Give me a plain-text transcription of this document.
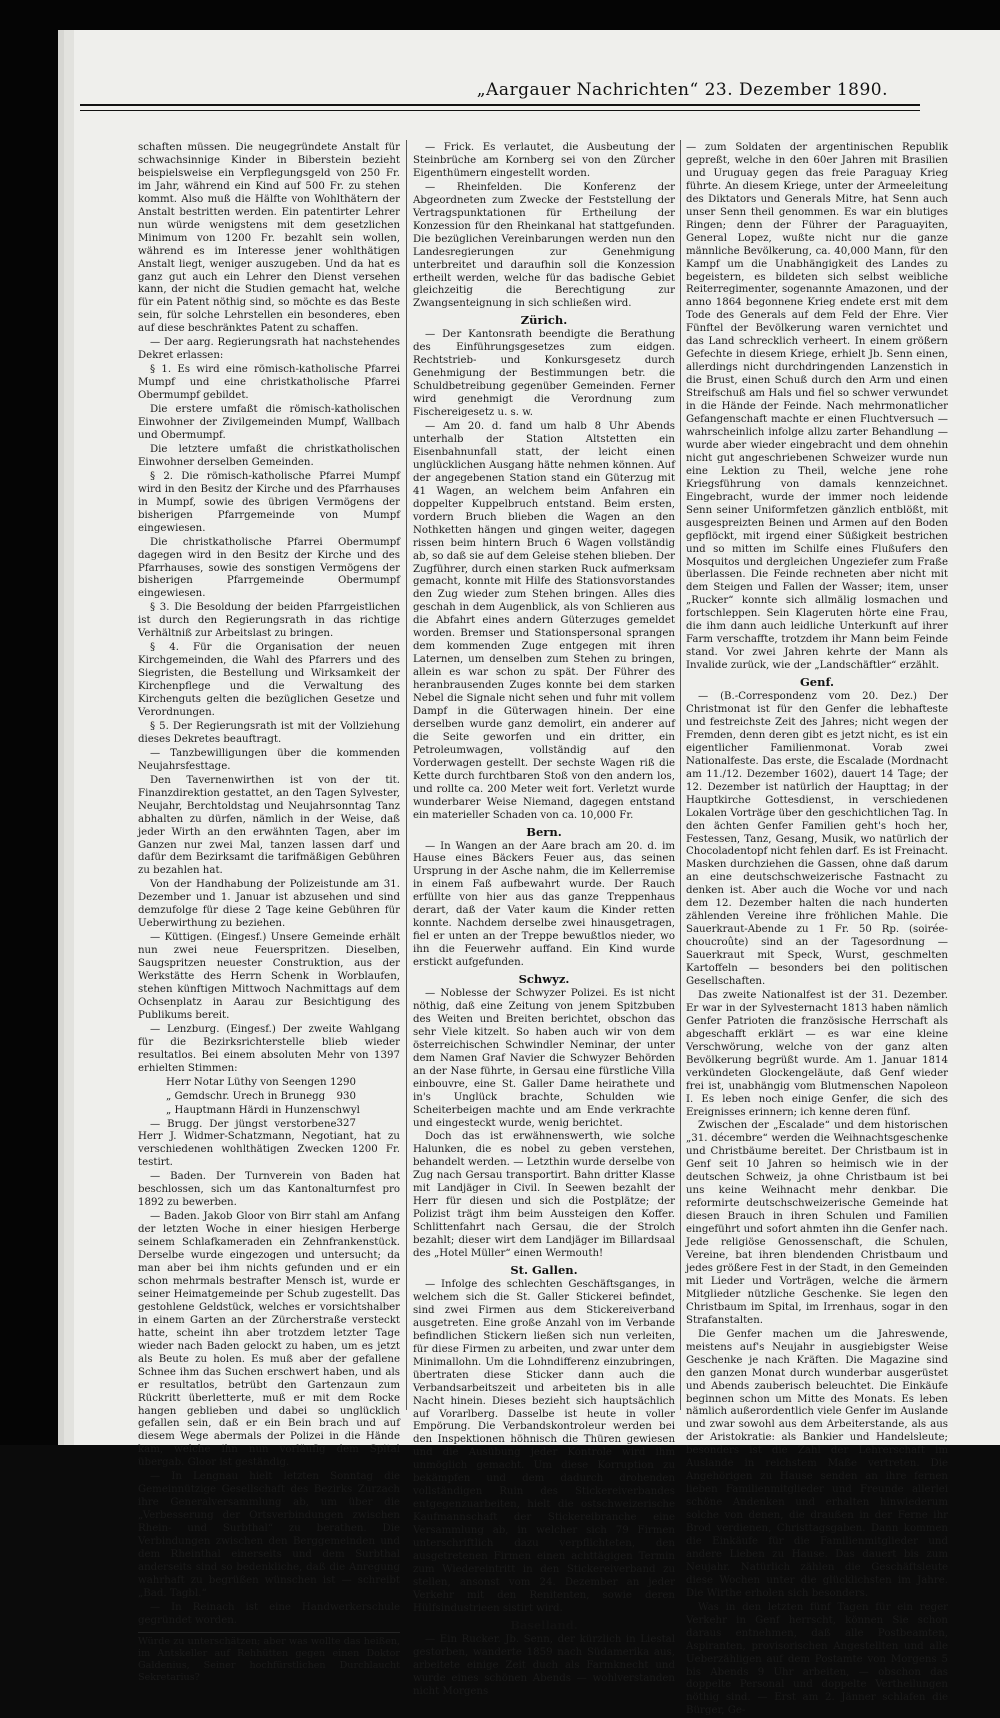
„Aargauer Nachrichten“ 23. Dezember 1890.

schaften müssen. Die neugegründete Anstalt für schwachsinnige Kinder in Biberstein bezieht beispielsweise ein Verpflegungsgeld von 250 Fr. im Jahr, während ein Kind auf 500 Fr. zu stehen kommt. Also muß die Hälfte von Wohlthätern der Anstalt bestritten werden. Ein patentirter Lehrer nun würde wenigstens mit dem gesetzlichen Minimum von 1200 Fr. bezahlt sein wollen, während es im Interesse jener wohlthätigen Anstalt liegt, weniger auszugeben. Und da hat es ganz gut auch ein Lehrer den Dienst versehen kann, der nicht die Studien gemacht hat, welche für ein Patent nöthig sind, so möchte es das Beste sein, für solche Lehrstellen ein besonderes, eben auf diese beschränktes Patent zu schaffen.

— Der aarg. Regierungsrath hat nachstehendes Dekret erlassen:

§ 1. Es wird eine römisch-katholische Pfarrei Mumpf und eine christkatholische Pfarrei Obermumpf gebildet.

Die erstere umfaßt die römisch-katholischen Einwohner der Zivilgemeinden Mumpf, Wallbach und Obermumpf.

Die letztere umfaßt die christkatholischen Einwohner derselben Gemeinden.

§ 2. Die römisch-katholische Pfarrei Mumpf wird in den Besitz der Kirche und des Pfarrhauses in Mumpf, sowie des übrigen Vermögens der bisherigen Pfarrgemeinde von Mumpf eingewiesen.

Die christkatholische Pfarrei Obermumpf dagegen wird in den Besitz der Kirche und des Pfarrhauses, sowie des sonstigen Vermögens der bisherigen Pfarrgemeinde Obermumpf eingewiesen.

§ 3. Die Besoldung der beiden Pfarrgeistlichen ist durch den Regierungsrath in das richtige Verhältniß zur Arbeitslast zu bringen.

§ 4. Für die Organisation der neuen Kirchgemeinden, die Wahl des Pfarrers und des Siegristen, die Bestellung und Wirksamkeit der Kirchenpflege und die Verwaltung des Kirchenguts gelten die bezüglichen Gesetze und Verordnungen.

§ 5. Der Regierungsrath ist mit der Vollziehung dieses Dekretes beauftragt.

— Tanzbewilligungen über die kommenden Neujahrsfesttage.

Den Tavernenwirthen ist von der tit. Finanzdirektion gestattet, an den Tagen Sylvester, Neujahr, Berchtoldstag und Neujahrsonntag Tanz abhalten zu dürfen, nämlich in der Weise, daß jeder Wirth an den erwähnten Tagen, aber im Ganzen nur zwei Mal, tanzen lassen darf und dafür dem Bezirksamt die tarifmäßigen Gebühren zu bezahlen hat.

Von der Handhabung der Polizeistunde am 31. Dezember und 1. Januar ist abzusehen und sind demzufolge für diese 2 Tage keine Gebühren für Ueberwirthung zu beziehen.

— Küttigen. (Eingesf.) Unsere Gemeinde erhält nun zwei neue Feuerspritzen. Dieselben, Saugspritzen neuester Construktion, aus der Werkstätte des Herrn Schenk in Worblaufen, stehen künftigen Mittwoch Nachmittags auf dem Ochsenplatz in Aarau zur Besichtigung des Publikums bereit.

— Lenzburg. (Eingesf.) Der zweite Wahlgang für die Bezirksrichterstelle blieb wieder resultatlos. Bei einem absoluten Mehr von 1397 erhielten Stimmen:

Herr Notar Lüthy von Seengen 1290

„ Gemdschr. Urech in Brunegg 930

„ Hauptmann Härdi in Hunzenschwyl
327

— Brugg. Der jüngst verstorbene Herr J. Widmer-Schatzmann, Negotiant, hat zu verschiedenen wohlthätigen Zwecken 1200 Fr. testirt.

— Baden. Der Turnverein von Baden hat beschlossen, sich um das Kantonalturnfest pro 1892 zu bewerben.

— Baden. Jakob Gloor von Birr stahl am Anfang der letzten Woche in einer hiesigen Herberge seinem Schlafkameraden ein Zehnfrankenstück. Derselbe wurde eingezogen und untersucht; da man aber bei ihm nichts gefunden und er ein schon mehrmals bestrafter Mensch ist, wurde er seiner Heimatgemeinde per Schub zugestellt. Das gestohlene Geldstück, welches er vorsichtshalber in einem Garten an der Zürcherstraße versteckt hatte, scheint ihn aber trotzdem letzter Tage wieder nach Baden gelockt zu haben, um es jetzt als Beute zu holen. Es muß aber der gefallene Schnee ihm das Suchen erschwert haben, und als er resultatlos, betrübt den Gartenzaun zum Rückritt überletterte, muß er mit dem Rocke hangen geblieben und dabei so unglücklich gefallen sein, daß er ein Bein brach und auf diesem Wege abermals der Polizei in die Hände kam, welche ihn nun vorläufig dem Spital übergab. Gloor ist geständig.

— In Lengnau hielt letzten Sonntag die Gemeinnützige Gesellschaft des Bezirks Zurzach ihre Generalversammlung ab, um über die „Verbesserung der Ortsverbindungen zwischen Rhein- und Surbthal“ zu berathen. Die Verbindungen zwischen den Berggemeinden und dem Rheinthal einerseits und dem Surbthal anderseits sind so bedenkliche, daß die Anregung wahrhaft zu begrüßen wünschen ist — schreibt „Bad. Tagbl.“

— In Reinach ist eine Handwerkerschule gegründet worden.

Würde zu unterschätzen; aber was wollte das heißen, im Antskeller auf Rehhütten gegen einen Doktor Galdenius, Seiner hochfürstlichen Durchlaucht Sekretarius?

— Frick. Es verlautet, die Ausbeutung der Steinbrüche am Kornberg sei von den Zürcher Eigenthümern eingestellt worden.

— Rheinfelden. Die Konferenz der Abgeordneten zum Zwecke der Feststellung der Vertragspunktationen für Ertheilung der Konzession für den Rheinkanal hat stattgefunden. Die bezüglichen Vereinbarungen werden nun den Landesregierungen zur Genehmigung unterbreitet und daraufhin soll die Konzession ertheilt werden, welche für das badische Gebiet gleichzeitig die Berechtigung zur Zwangsenteignung in sich schließen wird.

Zürich.

— Der Kantonsrath beendigte die Berathung des Einführungsgesetzes zum eidgen. Rechtstrieb- und Konkursgesetz durch Genehmigung der Bestimmungen betr. die Schuldbetreibung gegenüber Gemeinden. Ferner wird genehmigt die Verordnung zum Fischereigesetz u. s. w.

— Am 20. d. fand um halb 8 Uhr Abends unterhalb der Station Altstetten ein Eisenbahnunfall statt, der leicht einen unglücklichen Ausgang hätte nehmen können. Auf der angegebenen Station stand ein Güterzug mit 41 Wagen, an welchem beim Anfahren ein doppelter Kuppelbruch entstand. Beim ersten, vordern Bruch blieben die Wagen an den Nothketten hängen und gingen weiter, dagegen rissen beim hintern Bruch 6 Wagen vollständig ab, so daß sie auf dem Geleise stehen blieben. Der Zugführer, durch einen starken Ruck aufmerksam gemacht, konnte mit Hilfe des Stationsvorstandes den Zug wieder zum Stehen bringen. Alles dies geschah in dem Augenblick, als von Schlieren aus die Abfahrt eines andern Güterzuges gemeldet worden. Bremser und Stationspersonal sprangen dem kommenden Zuge entgegen mit ihren Laternen, um denselben zum Stehen zu bringen, allein es war schon zu spät. Der Führer des heranbrausenden Zuges konnte bei dem starken Nebel die Signale nicht sehen und fuhr mit vollem Dampf in die Güterwagen hinein. Der eine derselben wurde ganz demolirt, ein anderer auf die Seite geworfen und ein dritter, ein Petroleumwagen, vollständig auf den Vorderwagen gestellt. Der sechste Wagen riß die Kette durch furchtbaren Stoß von den andern los, und rollte ca. 200 Meter weit fort. Verletzt wurde wunderbarer Weise Niemand, dagegen entstand ein materieller Schaden von ca. 10,000 Fr.

Bern.

— In Wangen an der Aare brach am 20. d. im Hause eines Bäckers Feuer aus, das seinen Ursprung in der Asche nahm, die im Kellerremise in einem Faß aufbewahrt wurde. Der Rauch erfüllte von hier aus das ganze Treppenhaus derart, daß der Vater kaum die Kinder retten konnte. Nachdem derselbe zwei hinausgetragen, fiel er unten an der Treppe bewußtlos nieder, wo ihn die Feuerwehr auffand. Ein Kind wurde erstickt aufgefunden.

Schwyz.

— Noblesse der Schwyzer Polizei. Es ist nicht nöthig, daß eine Zeitung von jenem Spitzbuben des Weiten und Breiten berichtet, obschon das sehr Viele kitzelt. So haben auch wir von dem österreichischen Schwindler Neminar, der unter dem Namen Graf Navier die Schwyzer Behörden an der Nase führte, in Gersau eine fürstliche Villa einbouvre, eine St. Galler Dame heirathete und in's Unglück brachte, Schulden wie Scheiterbeigen machte und am Ende verkrachte und eingesteckt wurde, wenig berichtet.

Doch das ist erwähnenswerth, wie solche Halunken, die es nobel zu geben verstehen, behandelt werden. — Letzthin wurde derselbe von Zug nach Gersau transportirt. Bahn dritter Klasse mit Landjäger in Civil. In Seewen bezahlt der Herr für diesen und sich die Postplätze; der Polizist trägt ihm beim Aussteigen den Koffer. Schlittenfahrt nach Gersau, die der Strolch bezahlt; dieser wirt dem Landjäger im Billardsaal des „Hotel Müller“ einen Wermouth!

St. Gallen.

— Infolge des schlechten Geschäftsganges, in welchem sich die St. Galler Stickerei befindet, sind zwei Firmen aus dem Stickereiverband ausgetreten. Eine große Anzahl von im Verbande befindlichen Stickern ließen sich nun verleiten, für diese Firmen zu arbeiten, und zwar unter dem Minimallohn. Um die Lohndifferenz einzubringen, übertraten diese Sticker dann auch die Verbandsarbeitszeit und arbeiteten bis in alle Nacht hinein. Dieses bezieht sich hauptsächlich auf Vorarlberg. Dasselbe ist heute in voller Empörung. Die Verbandskontroleur werden bei den Inspektionen höhnisch die Thüren gewiesen und die Ausübung jeder Kontrole wird ihm unmöglich gemacht. Um diese Korruption zu bekämpfen und dem dadurch drohenden vollständigen Ruin des Stickereiverbandes entgegenzuarbeiten, hielt die ostschweizerische Kaufmannschaft der Stickereibranche eine Versammlung ab, in welcher sich 79 Firmen unterschriftlich dazu verpflichteten, den ausgetretenen Firmen einen achttägigen Termin zum Wiedereintritt in den Stickereiverband zu stellen, ansonst vom 24. Dezember an jeder Verkehr mit den Renitenten, sowie deren Hülfsindustrieen sistirt wird.

Baselland.

— Ein Rucker. Jb. Senn, der kürzlich in Liestal gestorben, wanderte 1859 nach Südamerika aus, arbeitete einige Zeit duch als Farmknecht und wurde eines schönen Abends — wohlverstanden nicht Morgens

— zum Soldaten der argentinischen Republik gepreßt, welche in den 60er Jahren mit Brasilien und Uruguay gegen das freie Paraguay Krieg führte. An diesem Kriege, unter der Armeeleitung des Diktators und Generals Mitre, hat Senn auch unser Senn theil genommen. Es war ein blutiges Ringen; denn der Führer der Paraguayiten, General Lopez, wußte nicht nur die ganze männliche Bevölkerung, ca. 40,000 Mann, für den Kampf um die Unabhängigkeit des Landes zu begeistern, es bildeten sich selbst weibliche Reiterregimenter, sogenannte Amazonen, und der anno 1864 begonnene Krieg endete erst mit dem Tode des Generals auf dem Feld der Ehre. Vier Fünftel der Bevölkerung waren vernichtet und das Land schrecklich verheert. In einem größern Gefechte in diesem Kriege, erhielt Jb. Senn einen, allerdings nicht durchdringenden Lanzenstich in die Brust, einen Schuß durch den Arm und einen Streifschuß am Hals und fiel so schwer verwundet in die Hände der Feinde. Nach mehrmonatlicher Gefangenschaft machte er einen Fluchtversuch — wahrscheinlich infolge allzu zarter Behandlung — wurde aber wieder eingebracht und dem ohnehin nicht gut angeschriebenen Schweizer wurde nun eine Lektion zu Theil, welche jene rohe Kriegsführung von damals kennzeichnet. Eingebracht, wurde der immer noch leidende Senn seiner Uniformfetzen gänzlich entblößt, mit ausgespreizten Beinen und Armen auf den Boden gepflöckt, mit irgend einer Süßigkeit bestrichen und so mitten im Schilfe eines Flußufers den Mosquitos und dergleichen Ungeziefer zum Fraße überlassen. Die Feinde rechneten aber nicht mit dem Steigen und Fallen der Wasser; item, unser „Rucker“ konnte sich allmälig losmachen und fortschleppen. Sein Klageruten hörte eine Frau, die ihm dann auch leidliche Unterkunft auf ihrer Farm verschaffte, trotzdem ihr Mann beim Feinde stand. Vor zwei Jahren kehrte der Mann als Invalide zurück, wie der „Landschäftler“ erzählt.

Genf.

— (B.-Correspondenz vom 20. Dez.) Der Christmonat ist für den Genfer die lebhafteste und festreichste Zeit des Jahres; nicht wegen der Fremden, denn deren gibt es jetzt nicht, es ist ein eigentlicher Familienmonat. Vorab zwei Nationalfeste. Das erste, die Escalade (Mordnacht am 11./12. Dezember 1602), dauert 14 Tage; der 12. Dezember ist natürlich der Haupttag; in der Hauptkirche Gottesdienst, in verschiedenen Lokalen Vorträge über den geschichtlichen Tag. In den ächten Genfer Familien geht's hoch her, Festessen, Tanz, Gesang, Musik, wo natürlich der Chocoladentopf nicht fehlen darf. Es ist Freinacht. Masken durchziehen die Gassen, ohne daß darum an eine deutschschweizerische Fastnacht zu denken ist. Aber auch die Woche vor und nach dem 12. Dezember halten die nach hunderten zählenden Vereine ihre fröhlichen Mahle. Die Sauerkraut-Abende zu 1 Fr. 50 Rp. (soirée-choucroûte) sind an der Tagesordnung — Sauerkraut mit Speck, Wurst, geschmelten Kartoffeln — besonders bei den politischen Gesellschaften.

Das zweite Nationalfest ist der 31. Dezember. Er war in der Sylvesternacht 1813 haben nämlich Genfer Patrioten die französische Herrschaft als abgeschafft erklärt — es war eine kleine Verschwörung, welche von der ganz alten Bevölkerung begrüßt wurde. Am 1. Januar 1814 verkündeten Glockengeläute, daß Genf wieder frei ist, unabhängig vom Blutmenschen Napoleon I. Es leben noch einige Genfer, die sich des Ereignisses erinnern; ich kenne deren fünf.

Zwischen der „Escalade“ und dem historischen „31. décembre“ werden die Weihnachtsgeschenke und Christbäume bereitet. Der Christbaum ist in Genf seit 10 Jahren so heimisch wie in der deutschen Schweiz, ja ohne Christbaum ist bei uns keine Weihnacht mehr denkbar. Die reformirte deutschschweizerische Gemeinde hat diesen Brauch in ihren Schulen und Familien eingeführt und sofort ahmten ihn die Genfer nach. Jede religiöse Genossenschaft, die Schulen, Vereine, bat ihren blendenden Christbaum und jedes größere Fest in der Stadt, in den Gemeinden mit Lieder und Vorträgen, welche die ärmern Mitglieder nützliche Geschenke. Sie legen den Christbaum im Spital, im Irrenhaus, sogar in den Strafanstalten.

Die Genfer machen um die Jahreswende, meistens auf's Neujahr in ausgiebigster Weise Geschenke je nach Kräften. Die Magazine sind den ganzen Monat durch wunderbar ausgerüstet und Abends zauberisch beleuchtet. Die Einkäufe beginnen schon um Mitte des Monats. Es leben nämlich außerordentlich viele Genfer im Auslande und zwar sowohl aus dem Arbeiterstande, als aus der Aristokratie: als Bankier und Handelsleute; besonders ist die Zahl der Lehrerschaft im Auslande in reichstem Maße vertreten. Die Angehörigen zu Hause senden an ihre fernen lieben Familienmitglieder und Freunde allerlei schöne Andenken und erhalten hinwiederum solche von denen, die draußen in der Ferne ihr Brod verdienen, Christtagsgaben. Dann kommen die Einkäufe für die Familienmitglieder und andere Lieben zu Hause. Das dauert bis zum Neujahr. Natürlich zählen die Geschäftsleute diese Wochen unter die glücklichsten im Jahre. Die Wirthe erholen sich besonders.

Was in den letzten fünf Tagen für ein reger Verkehr in Genf herrscht, können Sie schon daraus entnehmen, daß alle Postbeamten, Aspiranten, provisorischen Angestellten und alle Ueberzähligen auf dem Postamte von Morgens 5 bis Abends 9 Uhr arbeiten, — obschon das doppelte Personal und doppelte Vertheilungen nöthig sind. — Erst am 2. Jänner schlafen die Bürger, Ge-
